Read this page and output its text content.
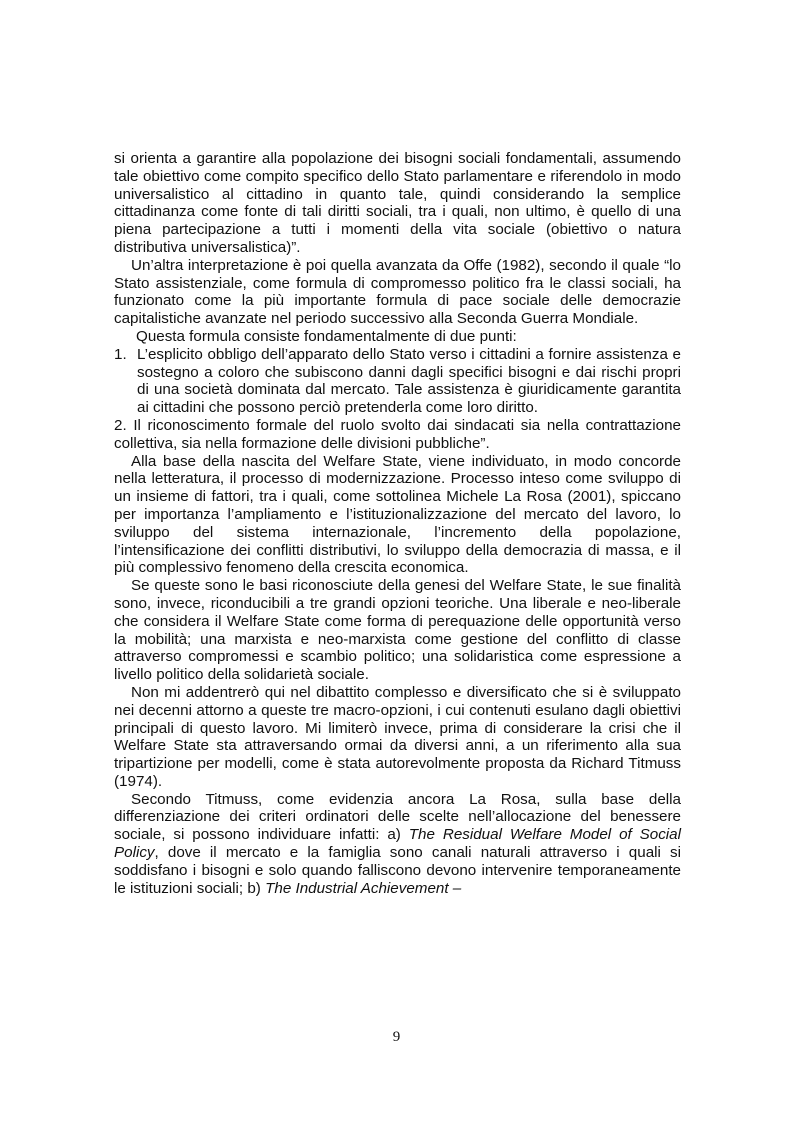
si orienta a garantire alla popolazione dei bisogni sociali fondamentali, assumendo tale obiettivo come compito specifico dello Stato parlamentare e riferendolo in modo universalistico al cittadino in quanto tale, quindi considerando la semplice cittadinanza come fonte di tali diritti sociali, tra i quali, non ultimo, è quello di una piena partecipazione a tutti i momenti della vita sociale (obiettivo o natura distributiva universalistica)”.

Un’altra interpretazione è poi quella avanzata da Offe (1982), secondo il quale “lo Stato assistenziale, come formula di compromesso politico fra le classi sociali, ha funzionato come la più importante formula di pace sociale delle democrazie capitalistiche avanzate nel periodo successivo alla Seconda Guerra Mondiale.

Questa formula consiste fondamentalmente di due punti:

1. L’esplicito obbligo dell’apparato dello Stato verso i cittadini a fornire assistenza e sostegno a coloro che subiscono danni dagli specifici bisogni e dai rischi propri di una società dominata dal mercato. Tale assistenza è giuridicamente garantita ai cittadini che possono perciò pretenderla come loro diritto.

2. Il riconoscimento formale del ruolo svolto dai sindacati sia nella contrattazione collettiva, sia nella formazione delle divisioni pubbliche”.

Alla base della nascita del Welfare State, viene individuato, in modo concorde nella letteratura, il processo di modernizzazione. Processo inteso come sviluppo di un insieme di fattori, tra i quali, come sottolinea Michele La Rosa (2001), spiccano per importanza l’ampliamento e l’istituzionalizzazione del mercato del lavoro, lo sviluppo del sistema internazionale, l’incremento della popolazione, l’intensificazione dei conflitti distributivi, lo sviluppo della democrazia di massa, e il più complessivo fenomeno della crescita economica.

Se queste sono le basi riconosciute della genesi del Welfare State, le sue finalità sono, invece, riconducibili a tre grandi opzioni teoriche. Una liberale e neo-liberale che considera il Welfare State come forma di perequazione delle opportunità verso la mobilità; una marxista e neo-marxista come gestione del conflitto di classe attraverso compromessi e scambio politico; una solidaristica come espressione a livello politico della solidarietà sociale.

Non mi addentrerò qui nel dibattito complesso e diversificato che si è sviluppato nei decenni attorno a queste tre macro-opzioni, i cui contenuti esulano dagli obiettivi principali di questo lavoro. Mi limiterò invece, prima di considerare la crisi che il Welfare State sta attraversando ormai da diversi anni, a un riferimento alla sua tripartizione per modelli, come è stata autorevolmente proposta da Richard Titmuss (1974).

Secondo Titmuss, come evidenzia ancora La Rosa, sulla base della differenziazione dei criteri ordinatori delle scelte nell’allocazione del benessere sociale, si possono individuare infatti: a) The Residual Welfare Model of Social Policy, dove il mercato e la famiglia sono canali naturali attraverso i quali si soddisfano i bisogni e solo quando falliscono devono intervenire temporaneamente le istituzioni sociali; b) The Industrial Achievement –

9
